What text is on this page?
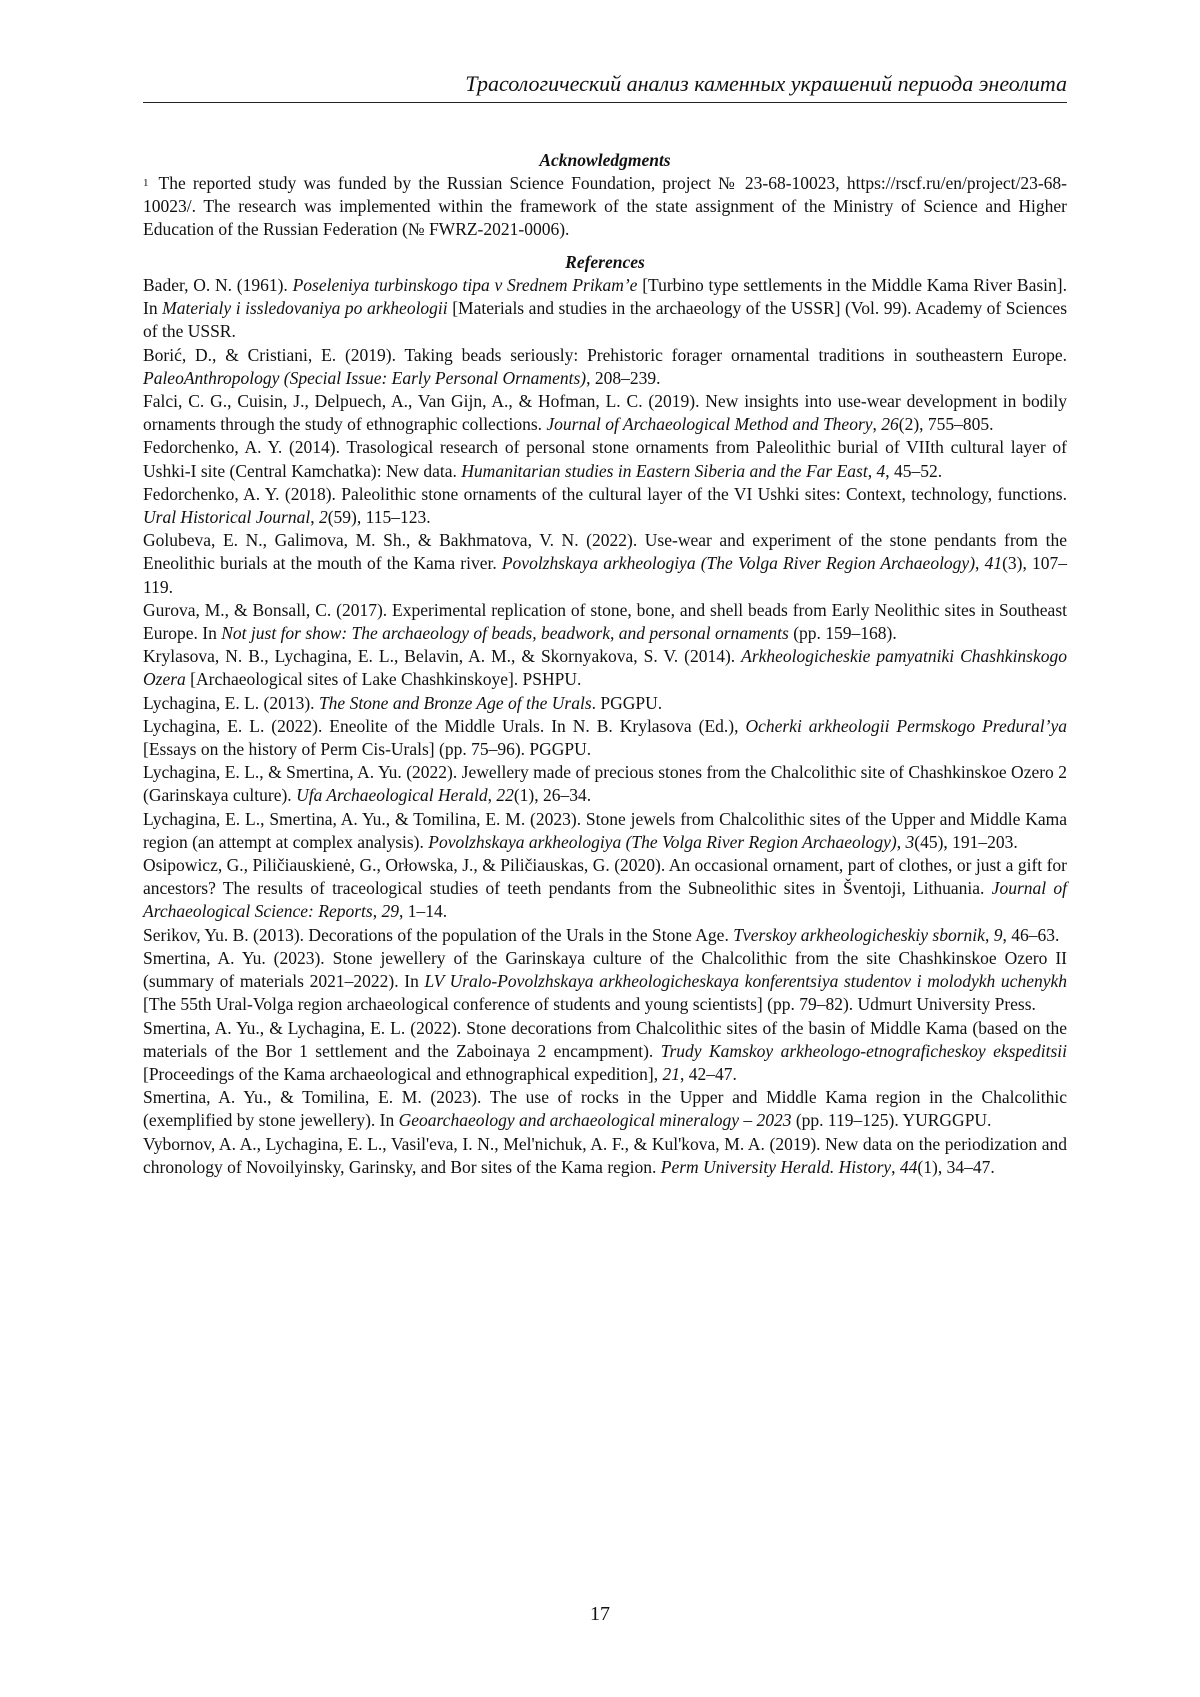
Трасологический анализ каменных украшений периода энеолита
Acknowledgments

1 The reported study was funded by the Russian Science Foundation, project № 23-68-10023, https://rscf.ru/en/project/23-68-10023/. The research was implemented within the framework of the state assignment of the Ministry of Science and Higher Education of the Russian Federation (№ FWRZ-2021-0006).

References

Bader, O. N. (1961). Poseleniya turbinskogo tipa v Srednem Prikam’e [Turbino type settlements in the Middle Kama River Basin]. In Materialy i issledovaniya po arkheologii [Materials and studies in the archaeology of the USSR] (Vol. 99). Academy of Sciences of the USSR.

Borić, D., & Cristiani, E. (2019). Taking beads seriously: Prehistoric forager ornamental traditions in southeastern Europe. PaleoAnthropology (Special Issue: Early Personal Ornaments), 208–239.

Falci, C. G., Cuisin, J., Delpuech, A., Van Gijn, A., & Hofman, L. C. (2019). New insights into use-wear development in bodily ornaments through the study of ethnographic collections. Journal of Archaeological Method and Theory, 26(2), 755–805.

Fedorchenko, A. Y. (2014). Trasological research of personal stone ornaments from Paleolithic burial of VIIth cultural layer of Ushki-I site (Central Kamchatka): New data. Humanitarian studies in Eastern Siberia and the Far East, 4, 45–52.

Fedorchenko, A. Y. (2018). Paleolithic stone ornaments of the cultural layer of the VI Ushki sites: Context, technology, functions. Ural Historical Journal, 2(59), 115–123.

Golubeva, E. N., Galimova, M. Sh., & Bakhmatova, V. N. (2022). Use-wear and experiment of the stone pendants from the Eneolithic burials at the mouth of the Kama river. Povolzhskaya arkheologiya (The Volga River Region Archaeology), 41(3), 107–119.

Gurova, M., & Bonsall, C. (2017). Experimental replication of stone, bone, and shell beads from Early Neolithic sites in Southeast Europe. In Not just for show: The archaeology of beads, beadwork, and personal ornaments (pp. 159–168).

Krylasova, N. B., Lychagina, E. L., Belavin, A. M., & Skornyakova, S. V. (2014). Arkheologicheskie pamyatniki Chashkinskogo Ozera [Archaeological sites of Lake Chashkinskoye]. PSHPU.

Lychagina, E. L. (2013). The Stone and Bronze Age of the Urals. PGGPU.

Lychagina, E. L. (2022). Eneolite of the Middle Urals. In N. B. Krylasova (Ed.), Ocherki arkheologii Permskogo Predural’ya [Essays on the history of Perm Cis-Urals] (pp. 75–96). PGGPU.

Lychagina, E. L., & Smertina, A. Yu. (2022). Jewellery made of precious stones from the Chalcolithic site of Chashkinskoe Ozero 2 (Garinskaya culture). Ufa Archaeological Herald, 22(1), 26–34.

Lychagina, E. L., Smertina, A. Yu., & Tomilina, E. M. (2023). Stone jewels from Chalcolithic sites of the Upper and Middle Kama region (an attempt at complex analysis). Povolzhskaya arkheologiya (The Volga River Region Archaeology), 3(45), 191–203.

Osipowicz, G., Piličiauskienė, G., Orłowska, J., & Piličiauskas, G. (2020). An occasional ornament, part of clothes, or just a gift for ancestors? The results of traceological studies of teeth pendants from the Subneolithic sites in Šventoji, Lithuania. Journal of Archaeological Science: Reports, 29, 1–14.

Serikov, Yu. B. (2013). Decorations of the population of the Urals in the Stone Age. Tverskoy arkheologicheskiy sbornik, 9, 46–63.

Smertina, A. Yu. (2023). Stone jewellery of the Garinskaya culture of the Chalcolithic from the site Chashkinskoe Ozero II (summary of materials 2021–2022). In LV Uralo-Povolzhskaya arkheologicheskaya konferentsiya studentov i molodykh uchenykh [The 55th Ural-Volga region archaeological conference of students and young scientists] (pp. 79–82). Udmurt University Press.

Smertina, A. Yu., & Lychagina, E. L. (2022). Stone decorations from Chalcolithic sites of the basin of Middle Kama (based on the materials of the Bor 1 settlement and the Zaboinaya 2 encampment). Trudy Kamskoy arkheologo-etnograficheskoy ekspeditsii [Proceedings of the Kama archaeological and ethnographical expedition], 21, 42–47.

Smertina, A. Yu., & Tomilina, E. M. (2023). The use of rocks in the Upper and Middle Kama region in the Chalcolithic (exemplified by stone jewellery). In Geoarchaeology and archaeological mineralogy – 2023 (pp. 119–125). YURGGPU.

Vybornov, A. A., Lychagina, E. L., Vasil'eva, I. N., Mel'nichuk, A. F., & Kul'kova, M. A. (2019). New data on the periodization and chronology of Novoilyinsky, Garinsky, and Bor sites of the Kama region. Perm University Herald. History, 44(1), 34–47.

17
